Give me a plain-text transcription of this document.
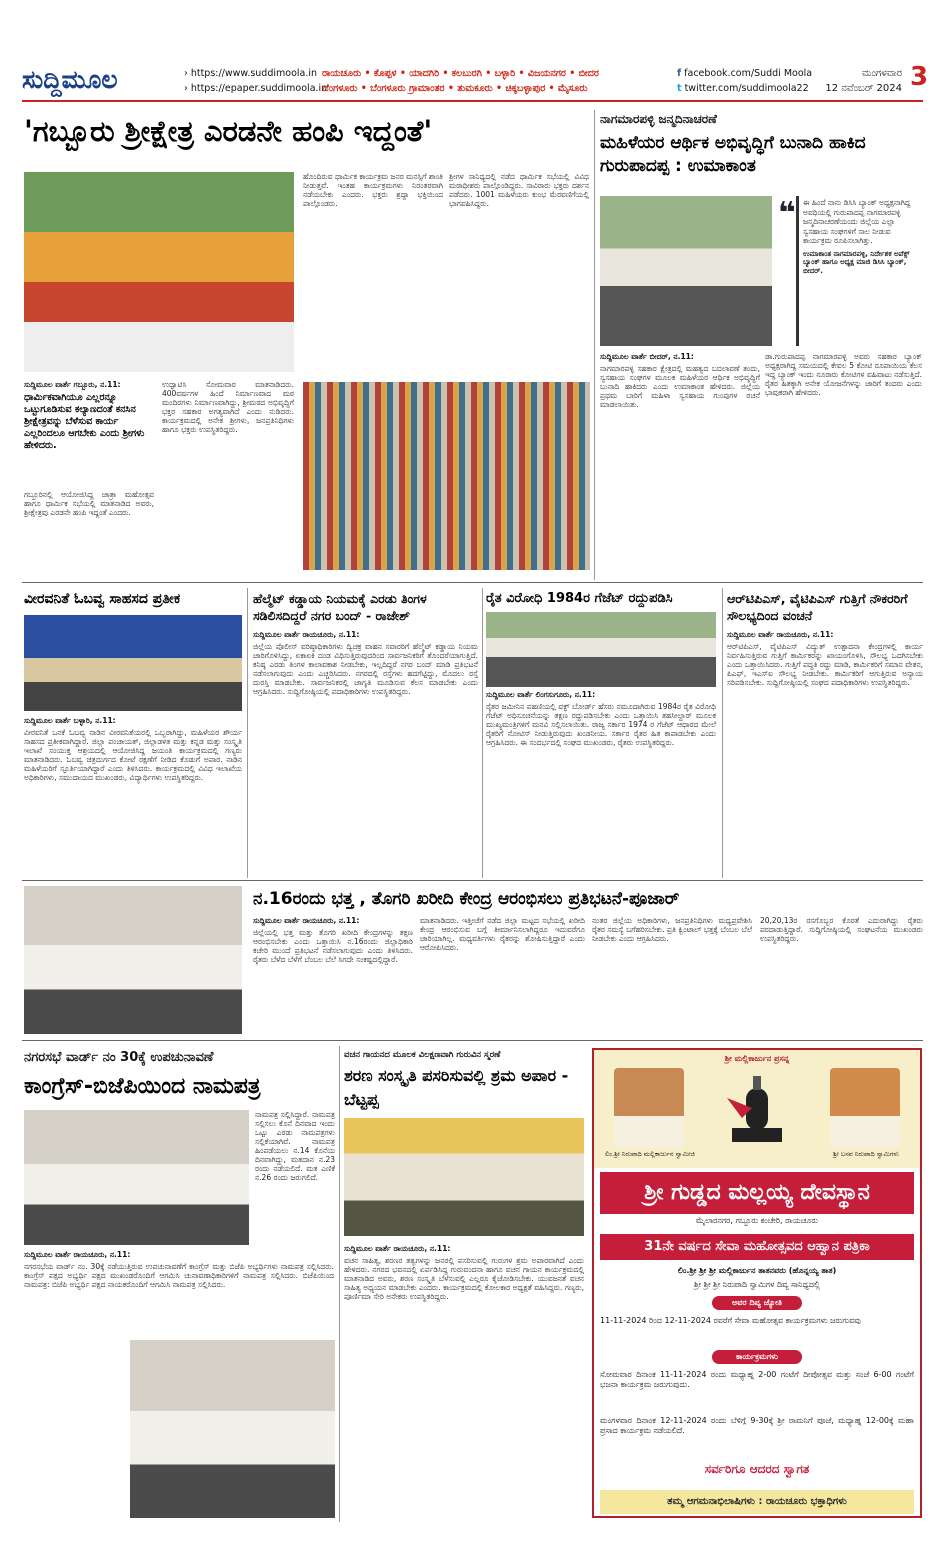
ಸುದ್ದಿಮೂಲ	› https://www.suddimoola.in
› https://epaper.suddimoola.in
ರಾಯಚೂರು • ಕೊಪ್ಪಳ • ಯಾದಗಿರಿ • ಕಲಬುರಗಿ • ಬಳ್ಳಾರಿ • ವಿಜಯನಗರ • ಬೀದರ
ಬೆಂಗಳೂರು • ಬೆಂಗಳೂರು ಗ್ರಾಮಾಂತರ • ತುಮಕೂರು • ಚಿಕ್ಕಬಳ್ಳಾಪುರ • ಮೈಸೂರು
f facebook.com/Suddi Moola
t twitter.com/suddimoola22
ಮಂಗಳವಾರ
12 ನವೆಂಬರ್ 2024 3
'ಗಬ್ಬೂರು ಶ್ರೀಕ್ಷೇತ್ರ ಎರಡನೇ ಹಂಪಿ ಇದ್ದಂತೆ'
ಹೊಂದಿರುವ ಧಾರ್ಮಿಕ ಕಾರ್ಯಕ್ರಮ ಜನರ ಮನಸ್ಸಿಗೆ ಶಾಂತಿ ನೀಡುತ್ತವೆ. ಇಂತಹ ಕಾರ್ಯಕ್ರಮಗಳು ನಿರಂತರವಾಗಿ ನಡೆಯಬೇಕು ಎಂದರು. ಭಕ್ತರು ಶ್ರದ್ಧಾ ಭಕ್ತಿಯಿಂದ ಪಾಲ್ಗೊಂಡರು.
ಶ್ರೀಗಳ ಸಾನಿಧ್ಯದಲ್ಲಿ ನಡೆದ ಧಾರ್ಮಿಕ ಸಭೆಯಲ್ಲಿ ವಿವಿಧ ಮಠಾಧೀಶರು ಪಾಲ್ಗೊಂಡಿದ್ದರು. ಸಾವಿರಾರು ಭಕ್ತರು ದರ್ಶನ ಪಡೆದರು. 1001 ಮಹಿಳೆಯರು ಕುಂಭ ಮೆರವಣಿಗೆಯಲ್ಲಿ ಭಾಗವಹಿಸಿದ್ದರು.
ಸುದ್ದಿಮೂಲ ವಾರ್ತೆ ಗಬ್ಬೂರು, ನ.11:
ಧಾರ್ಮಿಕವಾಗಿಯೂ ಎಲ್ಲರನ್ನೂ ಒಟ್ಟುಗೂಡಿಸುವ ಕಲ್ಯಾಣದಂತೆ ಕನಸಿನ ಶ್ರೀಕ್ಷೇತ್ರವನ್ನು ಬೆಳೆಸುವ ಕಾರ್ಯ ಎಲ್ಲರಿಂದಲೂ ಆಗಬೇಕು ಎಂದು ಶ್ರೀಗಳು ಹೇಳಿದರು.
ಗಬ್ಬೂರಿನಲ್ಲಿ ಆಯೋಜಿಸಿದ್ದ ಜಾತ್ರಾ ಮಹೋತ್ಸವ ಹಾಗೂ ಧಾರ್ಮಿಕ ಸಭೆಯಲ್ಲಿ ಮಾತನಾಡಿದ ಅವರು, ಶ್ರೀಕ್ಷೇತ್ರವು ಎರಡನೇ ಹಂಪಿ ಇದ್ದಂತೆ ಎಂದರು.
ಉದ್ಘಾಟಿಸಿ ಸೋಮವಾರ ಮಾತನಾಡಿದರು. 400ವರ್ಷಗಳ ಹಿಂದೆ ನಿರ್ಮಾಣವಾದ ಮಠ ಮಂದಿರಗಳು ನಿರ್ಮಾಣವಾಗಿದ್ದು, ಶ್ರೀಮಠದ ಅಭಿವೃದ್ಧಿಗೆ ಭಕ್ತರ ಸಹಕಾರ ಅಗತ್ಯವಾಗಿದೆ ಎಂದು ನುಡಿದರು. ಕಾರ್ಯಕ್ರಮದಲ್ಲಿ ಅನೇಕ ಶ್ರೀಗಳು, ಜನಪ್ರತಿನಿಧಿಗಳು ಹಾಗೂ ಭಕ್ತರು ಉಪಸ್ಥಿತರಿದ್ದರು.
ನಾಗಮಾರಪಳ್ಳಿ ಜನ್ಮದಿನಾಚರಣೆ
ಮಹಿಳೆಯರ ಆರ್ಥಿಕ ಅಭಿವೃದ್ಧಿಗೆ ಬುನಾದಿ ಹಾಕಿದ ಗುರುಪಾದಪ್ಪ : ಉಮಾಕಾಂತ
❝ ಈ ಹಿಂದೆ ನಾನು ಡಿಸಿಸಿ ಬ್ಯಾಂಕ್ ಅಧ್ಯಕ್ಷನಾಗಿದ್ದ ಅವಧಿಯಲ್ಲಿ ಗುರುಪಾದಪ್ಪ ನಾಗಮಾರಪಳ್ಳಿ ಜನ್ಮದಿನಾಚರಣೆಯಂದು ಜಿಲ್ಲೆಯ ಎಲ್ಲಾ ಸ್ವಸಹಾಯ ಸಂಘಗಳಿಗೆ ಸಾಲ ನೀಡುವ ಕಾರ್ಯಕ್ರಮ ರೂಪಿಸಲಾಗಿತ್ತು.
ಉಮಾಕಾಂತ ನಾಗಮಾರಪಳ್ಳಿ, ನಿರ್ದೇಶಕ ಅಪೆಕ್ಸ್ ಬ್ಯಾಂಕ್ ಹಾಗೂ ಅಧ್ಯಕ್ಷ ಮಾಜಿ ಡಿಸಿಸಿ ಬ್ಯಾಂಕ್, ಬೀದರ್.
ಸುದ್ದಿಮೂಲ ವಾರ್ತೆ ಬೀದರ್, ನ.11:
ನಾಗಮಾರಪಳ್ಳಿ ಸಹಕಾರ ಕ್ಷೇತ್ರದಲ್ಲಿ ಮಹತ್ವದ ಬದಲಾವಣೆ ತಂದು, ಸ್ವಸಹಾಯ ಸಂಘಗಳ ಮೂಲಕ ಮಹಿಳೆಯರ ಆರ್ಥಿಕ ಅಭಿವೃದ್ಧಿಗೆ ಬುನಾದಿ ಹಾಕಿದರು ಎಂದು ಉಮಾಕಾಂತ ಹೇಳಿದರು. ಜಿಲ್ಲೆಯ ಪ್ರಥಮ ಬಾರಿಗೆ ಮಹಿಳಾ ಸ್ವಸಹಾಯ ಗುಂಪುಗಳ ರಚನೆ ಮಾಡಲಾಯಿತು.
ಡಾ.ಗುರುಪಾದಪ್ಪ ನಾಗಮಾರಪಳ್ಳಿ ಅವರು ಸಹಕಾರ ಬ್ಯಾಂಕ್ ಅಧ್ಯಕ್ಷರಾಗಿದ್ದ ಸಮಯದಲ್ಲಿ ಕೇವಲ 5 ಕೋಟಿ ರೂಪಾಯಿಯ ಕೆಲಸ ಇದ್ದ ಬ್ಯಾಂಕ್ ಇಂದು ನೂರಾರು ಕೋಟಿಗಳ ವಹಿವಾಟು ನಡೆಸುತ್ತಿದೆ. ರೈತರ ಹಿತಕ್ಕಾಗಿ ಅನೇಕ ಯೋಜನೆಗಳನ್ನು ಜಾರಿಗೆ ತಂದರು ಎಂದು ಭಾವುಕರಾಗಿ ಹೇಳಿದರು.
ವೀರವನಿತೆ ಓಬವ್ವ ಸಾಹಸದ ಪ್ರತೀಕ
ಸುದ್ದಿಮೂಲ ವಾರ್ತೆ ಬಳ್ಳಾರಿ, ನ.11:
ವೀರವನಿತೆ ಒನಕೆ ಓಬವ್ವ ನಾಡಿನ ವೀರವನಿತೆಯರಲ್ಲಿ ಒಬ್ಬರಾಗಿದ್ದು, ಮಹಿಳೆಯರ ಶೌರ್ಯ ಸಾಹಸದ ಪ್ರತೀಕವಾಗಿದ್ದಾರೆ. ಜಿಲ್ಲಾ ಪಂಚಾಯತ್, ಜಿಲ್ಲಾಡಳಿತ ಮತ್ತು ಕನ್ನಡ ಮತ್ತು ಸಂಸ್ಕೃತಿ ಇಲಾಖೆ ಸಂಯುಕ್ತ ಆಶ್ರಯದಲ್ಲಿ ಆಯೋಜಿಸಿದ್ದ ಜಯಂತಿ ಕಾರ್ಯಕ್ರಮದಲ್ಲಿ ಗಣ್ಯರು ಮಾತನಾಡಿದರು. ಓಬವ್ವ ಚಿತ್ರದುರ್ಗದ ಕೋಟೆ ರಕ್ಷಣೆಗೆ ನೀಡಿದ ಕೊಡುಗೆ ಅಪಾರ. ನಾಡಿನ ಮಹಿಳೆಯರಿಗೆ ಸ್ಫೂರ್ತಿಯಾಗಿದ್ದಾರೆ ಎಂದು ತಿಳಿಸಿದರು. ಕಾರ್ಯಕ್ರಮದಲ್ಲಿ ವಿವಿಧ ಇಲಾಖೆಯ ಅಧಿಕಾರಿಗಳು, ಸಮುದಾಯದ ಮುಖಂಡರು, ವಿದ್ಯಾರ್ಥಿಗಳು ಉಪಸ್ಥಿತರಿದ್ದರು.
ಹೆಲ್ಮೆಟ್ ಕಡ್ಡಾಯ ನಿಯಮಕ್ಕೆ ಎರಡು ತಿಂಗಳ ಸಡಿಲಿಸದಿದ್ದರೆ ನಗರ ಬಂದ್ - ರಾಜೇಶ್
ಸುದ್ದಿಮೂಲ ವಾರ್ತೆ ರಾಯಚೂರು, ನ.11:
ಜಿಲ್ಲೆಯ ಪೊಲೀಸ್ ವರಿಷ್ಠಾಧಿಕಾರಿಗಳು ದ್ವಿಚಕ್ರ ವಾಹನ ಸವಾರರಿಗೆ ಹೆಲ್ಮೆಟ್ ಕಡ್ಡಾಯ ನಿಯಮ ಜಾರಿಗೊಳಿಸಿದ್ದು, ಏಕಾಏಕಿ ದಂಡ ವಿಧಿಸುತ್ತಿರುವುದರಿಂದ ಸಾರ್ವಜನಿಕರಿಗೆ ತೊಂದರೆಯಾಗುತ್ತಿದೆ. ಕನಿಷ್ಠ ಎರಡು ತಿಂಗಳ ಕಾಲಾವಕಾಶ ನೀಡಬೇಕು, ಇಲ್ಲದಿದ್ದರೆ ನಗರ ಬಂದ್ ಮಾಡಿ ಪ್ರತಿಭಟನೆ ನಡೆಸಲಾಗುವುದು ಎಂದು ಎಚ್ಚರಿಸಿದರು. ನಗರದಲ್ಲಿ ರಸ್ತೆಗಳು ಹದಗೆಟ್ಟಿದ್ದು, ಮೊದಲು ರಸ್ತೆ ದುರಸ್ತಿ ಮಾಡಬೇಕು. ಸಾರ್ವಜನಿಕರಲ್ಲಿ ಜಾಗೃತಿ ಮೂಡಿಸುವ ಕೆಲಸ ಮಾಡಬೇಕು ಎಂದು ಆಗ್ರಹಿಸಿದರು. ಸುದ್ದಿಗೋಷ್ಠಿಯಲ್ಲಿ ಪದಾಧಿಕಾರಿಗಳು ಉಪಸ್ಥಿತರಿದ್ದರು.
ರೈತ ವಿರೋಧಿ 1984ರ ಗೆಜೆಟ್ ರದ್ದುಪಡಿಸಿ
ಸುದ್ದಿಮೂಲ ವಾರ್ತೆ ಲಿಂಗಸುಗೂರು, ನ.11:
ರೈತರ ಜಮೀನಿನ ಪಹಣಿಯಲ್ಲಿ ವಕ್ಫ್ ಬೋರ್ಡ್ ಹೆಸರು ನಮೂದಾಗಿರುವ 1984ರ ರೈತ ವಿರೋಧಿ ಗೆಜೆಟ್ ಅಧಿಸೂಚನೆಯನ್ನು ತಕ್ಷಣ ರದ್ದುಪಡಿಸಬೇಕು ಎಂದು ಒತ್ತಾಯಿಸಿ ತಹಸೀಲ್ದಾರ್ ಮೂಲಕ ಮುಖ್ಯಮಂತ್ರಿಗಳಿಗೆ ಮನವಿ ಸಲ್ಲಿಸಲಾಯಿತು. ರಾಜ್ಯ ಸರ್ಕಾರ 1974 ರ ಗೆಜೆಟ್ ಆಧಾರದ ಮೇಲೆ ರೈತರಿಗೆ ನೋಟಿಸ್ ನೀಡುತ್ತಿರುವುದು ಖಂಡನೀಯ. ಸರ್ಕಾರ ರೈತರ ಹಿತ ಕಾಪಾಡಬೇಕು ಎಂದು ಆಗ್ರಹಿಸಿದರು. ಈ ಸಂದರ್ಭದಲ್ಲಿ ಸಂಘದ ಮುಖಂಡರು, ರೈತರು ಉಪಸ್ಥಿತರಿದ್ದರು.
ಆರ್‌ಟಿಪಿಎಸ್, ವೈಟಿಪಿಎಸ್ ಗುತ್ತಿಗೆ ನೌಕರರಿಗೆ ಸೌಲಭ್ಯದಿಂದ ವಂಚನೆ
ಸುದ್ದಿಮೂಲ ವಾರ್ತೆ ರಾಯಚೂರು, ನ.11:
ಆರ್‌ಟಿಪಿಎಸ್, ವೈಟಿಪಿಎಸ್ ವಿದ್ಯುತ್ ಉತ್ಪಾದನಾ ಕೇಂದ್ರಗಳಲ್ಲಿ ಕಾರ್ಯ ನಿರ್ವಹಿಸುತ್ತಿರುವ ಗುತ್ತಿಗೆ ಕಾರ್ಮಿಕರನ್ನು ಖಾಯಂಗೊಳಿಸಿ, ಸೌಲಭ್ಯ ಒದಗಿಸಬೇಕು ಎಂದು ಒತ್ತಾಯಿಸಿದರು. ಗುತ್ತಿಗೆ ಪದ್ಧತಿ ರದ್ದು ಮಾಡಿ, ಕಾರ್ಮಿಕರಿಗೆ ಸಮಾನ ವೇತನ, ಪಿಎಫ್, ಇಎಸ್‌ಐ ಸೌಲಭ್ಯ ನೀಡಬೇಕು. ಕಾರ್ಮಿಕರಿಗೆ ಆಗುತ್ತಿರುವ ಅನ್ಯಾಯ ಸರಿಪಡಿಸಬೇಕು. ಸುದ್ದಿಗೋಷ್ಠಿಯಲ್ಲಿ ಸಂಘದ ಪದಾಧಿಕಾರಿಗಳು ಉಪಸ್ಥಿತರಿದ್ದರು.
ನ.16ರಂದು ಭತ್ತ , ತೊಗರಿ ಖರೀದಿ ಕೇಂದ್ರ ಆರಂಭಿಸಲು ಪ್ರತಿಭಟನೆ-ಪೂಜಾರ್
ಸುದ್ದಿಮೂಲ ವಾರ್ತೆ ರಾಯಚೂರು, ನ.11:
ಜಿಲ್ಲೆಯಲ್ಲಿ ಭತ್ತ ಮತ್ತು ತೊಗರಿ ಖರೀದಿ ಕೇಂದ್ರಗಳನ್ನು ತಕ್ಷಣ ಆರಂಭಿಸಬೇಕು ಎಂದು ಒತ್ತಾಯಿಸಿ ನ.16ರಂದು ಜಿಲ್ಲಾಧಿಕಾರಿ ಕಚೇರಿ ಮುಂದೆ ಪ್ರತಿಭಟನೆ ನಡೆಸಲಾಗುವುದು ಎಂದು ತಿಳಿಸಿದರು. ರೈತರು ಬೆಳೆದ ಬೆಳೆಗೆ ಬೆಂಬಲ ಬೆಲೆ ಸಿಗದೇ ಸಂಕಷ್ಟದಲ್ಲಿದ್ದಾರೆ.
ಮಾತನಾಡಿದರು. ಇತ್ತೀಚೆಗೆ ನಡೆದ ಜಿಲ್ಲಾ ಮಟ್ಟದ ಸಭೆಯಲ್ಲಿ ಖರೀದಿ ಕೇಂದ್ರ ಆರಂಭಿಸುವ ಬಗ್ಗೆ ತೀರ್ಮಾನಿಸಲಾಗಿದ್ದರೂ ಇದುವರೆಗೂ ಜಾರಿಯಾಗಿಲ್ಲ. ಮಧ್ಯವರ್ತಿಗಳು ರೈತರನ್ನು ಶೋಷಿಸುತ್ತಿದ್ದಾರೆ ಎಂದು ಆರೋಪಿಸಿದರು.
ನಂತರ ಜಿಲ್ಲೆಯ ಅಧಿಕಾರಿಗಳು, ಜನಪ್ರತಿನಿಧಿಗಳು ಮಧ್ಯಪ್ರವೇಶಿಸಿ ರೈತರ ಸಮಸ್ಯೆ ಬಗೆಹರಿಸಬೇಕು. ಪ್ರತಿ ಕ್ವಿಂಟಾಲ್ ಭತ್ತಕ್ಕೆ ಬೆಂಬಲ ಬೆಲೆ ನೀಡಬೇಕು ಎಂದು ಆಗ್ರಹಿಸಿದರು.
20,20,13ರ ರಸಗೊಬ್ಬರ ಕೊರತೆ ಎದುರಾಗಿದ್ದು ರೈತರು ಪರದಾಡುತ್ತಿದ್ದಾರೆ. ಸುದ್ದಿಗೋಷ್ಠಿಯಲ್ಲಿ ಸಂಘಟನೆಯ ಮುಖಂಡರು ಉಪಸ್ಥಿತರಿದ್ದರು.
ನಗರಸಭೆ ವಾರ್ಡ್ ನಂ 30ಕ್ಕೆ ಉಪಚುನಾವಣೆ
ಕಾಂಗ್ರೆಸ್-ಬಿಜೆಪಿಯಿಂದ ನಾಮಪತ್ರ
ನಾಮಪತ್ರ ಸಲ್ಲಿಸಿದ್ದಾರೆ. ನಾಮಪತ್ರ ಸಲ್ಲಿಸಲು ಕೊನೆ ದಿನವಾದ ಇಂದು ಒಟ್ಟು ಎರಡು ನಾಮಪತ್ರಗಳು ಸಲ್ಲಿಕೆಯಾಗಿವೆ. ನಾಮಪತ್ರ ಹಿಂಪಡೆಯಲು ನ.14 ಕೊನೆಯ ದಿನವಾಗಿದ್ದು, ಮತದಾನ ನ.23 ರಂದು ನಡೆಯಲಿದೆ. ಮತ ಎಣಿಕೆ ನ.26 ರಂದು ಜರುಗಲಿದೆ.
ಸುದ್ದಿಮೂಲ ವಾರ್ತೆ ರಾಯಚೂರು, ನ.11:
ನಗರಸಭೆಯ ವಾರ್ಡ್ ನಂ. 30ಕ್ಕೆ ನಡೆಯುತ್ತಿರುವ ಉಪಚುನಾವಣೆಗೆ ಕಾಂಗ್ರೆಸ್ ಮತ್ತು ಬಿಜೆಪಿ ಅಭ್ಯರ್ಥಿಗಳು ನಾಮಪತ್ರ ಸಲ್ಲಿಸಿದರು. ಕಾಂಗ್ರೆಸ್ ಪಕ್ಷದ ಅಭ್ಯರ್ಥಿ ಪಕ್ಷದ ಮುಖಂಡರೊಂದಿಗೆ ಆಗಮಿಸಿ ಚುನಾವಣಾಧಿಕಾರಿಗಳಿಗೆ ನಾಮಪತ್ರ ಸಲ್ಲಿಸಿದರು. ಬಿಜೆಪಿಯಿಂದ ನಾಮಪತ್ರ: ಬಿಜೆಪಿ ಅಭ್ಯರ್ಥಿ ಪಕ್ಷದ ನಾಯಕರೊಂದಿಗೆ ಆಗಮಿಸಿ ನಾಮಪತ್ರ ಸಲ್ಲಿಸಿದರು.
ವಚನ ಗಾಯನದ ಮೂಲಕ ವಿಲಕ್ಷಣವಾಗಿ ಗುರುವಿನ ಸ್ಮರಣೆ
ಶರಣ ಸಂಸ್ಕೃತಿ ಪಸರಿಸುವಲ್ಲಿ ಶ್ರಮ ಅಪಾರ - ಬೆಟ್ಟಪ್ಪ
ಸುದ್ದಿಮೂಲ ವಾರ್ತೆ ರಾಯಚೂರು, ನ.11:
ವಚನ ಸಾಹಿತ್ಯ, ಶರಣರ ತತ್ವಗಳನ್ನು ಜನರಲ್ಲಿ ಪಸರಿಸುವಲ್ಲಿ ಗುರುಗಳ ಶ್ರಮ ಅಪಾರವಾಗಿದೆ ಎಂದು ಹೇಳಿದರು. ನಗರದ ಭವನದಲ್ಲಿ ಏರ್ಪಡಿಸಿದ್ದ ಗುರುವಂದನಾ ಹಾಗೂ ವಚನ ಗಾಯನ ಕಾರ್ಯಕ್ರಮದಲ್ಲಿ ಮಾತನಾಡಿದ ಅವರು, ಶರಣ ಸಂಸ್ಕೃತಿ ಬೆಳೆಸುವಲ್ಲಿ ಎಲ್ಲರೂ ಕೈಜೋಡಿಸಬೇಕು. ಯುವಜನತೆ ವಚನ ಸಾಹಿತ್ಯ ಅಧ್ಯಯನ ಮಾಡಬೇಕು ಎಂದರು. ಕಾರ್ಯಕ್ರಮದಲ್ಲಿ ಕೋಲಕಾರ ಅಧ್ಯಕ್ಷತೆ ವಹಿಸಿದ್ದರು. ಗಣ್ಯರು, ಪೂರ್ಣಿಮಾ ಸೇರಿ ಅನೇಕರು ಉಪಸ್ಥಿತರಿದ್ದರು.
ಶ್ರೀ ಮಲ್ಲಿಕಾರ್ಜುನ ಪ್ರಸನ್ನ
ಲಿಂ.ಶ್ರೀ ನಿರುಪಾದಿ ಮಲ್ಲಿಕಾರ್ಜುನ ಸ್ವಾಮೀಜಿ	ಶ್ರೀ ಬಸವ ನಿರುಪಾದಿ ಸ್ವಾಮಿಗಳು
ಶ್ರೀ ಗುಡ್ಡದ ಮಲ್ಲಯ್ಯ ದೇವಸ್ಥಾನ
ಮೈಲಾರನಗರ, ಗಬ್ಬೂರು ಕಂಚೇರಿ, ರಾಯಚೂರು
31ನೇ ವರ್ಷದ ಸೇವಾ ಮಹೋತ್ಸವದ ಆಹ್ವಾನ ಪತ್ರಿಕಾ
ಲಿಂ.ಶ್ರೀ ಶ್ರೀ ಶ್ರೀ ಮಲ್ಲಿಕಾರ್ಜುನ ತಾತನವರು (ಹೊನ್ನಯ್ಯ ತಾತ)
ಶ್ರೀ ಶ್ರೀ ಶ್ರೀ ನಿರುಪಾದಿ ಸ್ವಾಮಿಗಳ ದಿವ್ಯ ಸಾನಿಧ್ಯದಲ್ಲಿ
ಅವರ ದಿವ್ಯ ಜ್ಯೋತಿ
11-11-2024 ರಿಂದ 12-11-2024 ರವರೆಗೆ ಸೇವಾ ಮಹೋತ್ಸವ ಕಾರ್ಯಕ್ರಮಗಳು ಜರುಗುವವು
ಕಾರ್ಯಕ್ರಮಗಳು
ಸೋಮವಾರ ದಿನಾಂಕ 11-11-2024 ರಂದು ಮಧ್ಯಾಹ್ನ 2-00 ಗಂಟೆಗೆ ದೀಪೋತ್ಸವ ಮತ್ತು ಸಂಜೆ 6-00 ಗಂಟೆಗೆ ಭಜನಾ ಕಾರ್ಯಕ್ರಮ ಜರುಗುವುದು.
ಮಂಗಳವಾರ ದಿನಾಂಕ 12-11-2024 ರಂದು ಬೆಳಿಗ್ಗೆ 9-30ಕ್ಕೆ ಶ್ರೀ ರಾಮನಿಗೆ ಪೂಜೆ, ಮಧ್ಯಾಹ್ನ 12-00ಕ್ಕೆ ಮಹಾ ಪ್ರಸಾದ ಕಾರ್ಯಕ್ರಮ ನಡೆಯಲಿದೆ.
ಸರ್ವರಿಗೂ ಆದರದ ಸ್ವಾಗತ
ತಮ್ಮ ಆಗಮನಾಭಿಲಾಷಿಗಳು : ರಾಯಚೂರು ಭಕ್ತಾಧಿಗಳು
